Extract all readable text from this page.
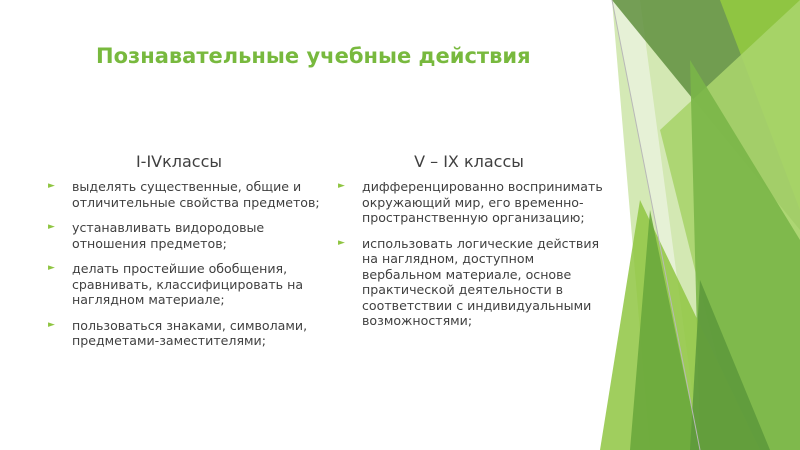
Познавательные учебные действия
I-IVклассы
► выделять существенные, общие и отличительные свойства предметов;
► устанавливать видородовые отношения предметов;
► делать простейшие обобщения, сравнивать, классифицировать на наглядном материале;
► пользоваться знаками, символами, предметами-заместителями;
V – IX классы
► дифференцированно воспринимать окружающий мир, его временно-пространственную организацию;
► использовать логические действия на наглядном, доступном вербальном материале, основе практической деятельности в соответствии с индивидуальными возможностями;
